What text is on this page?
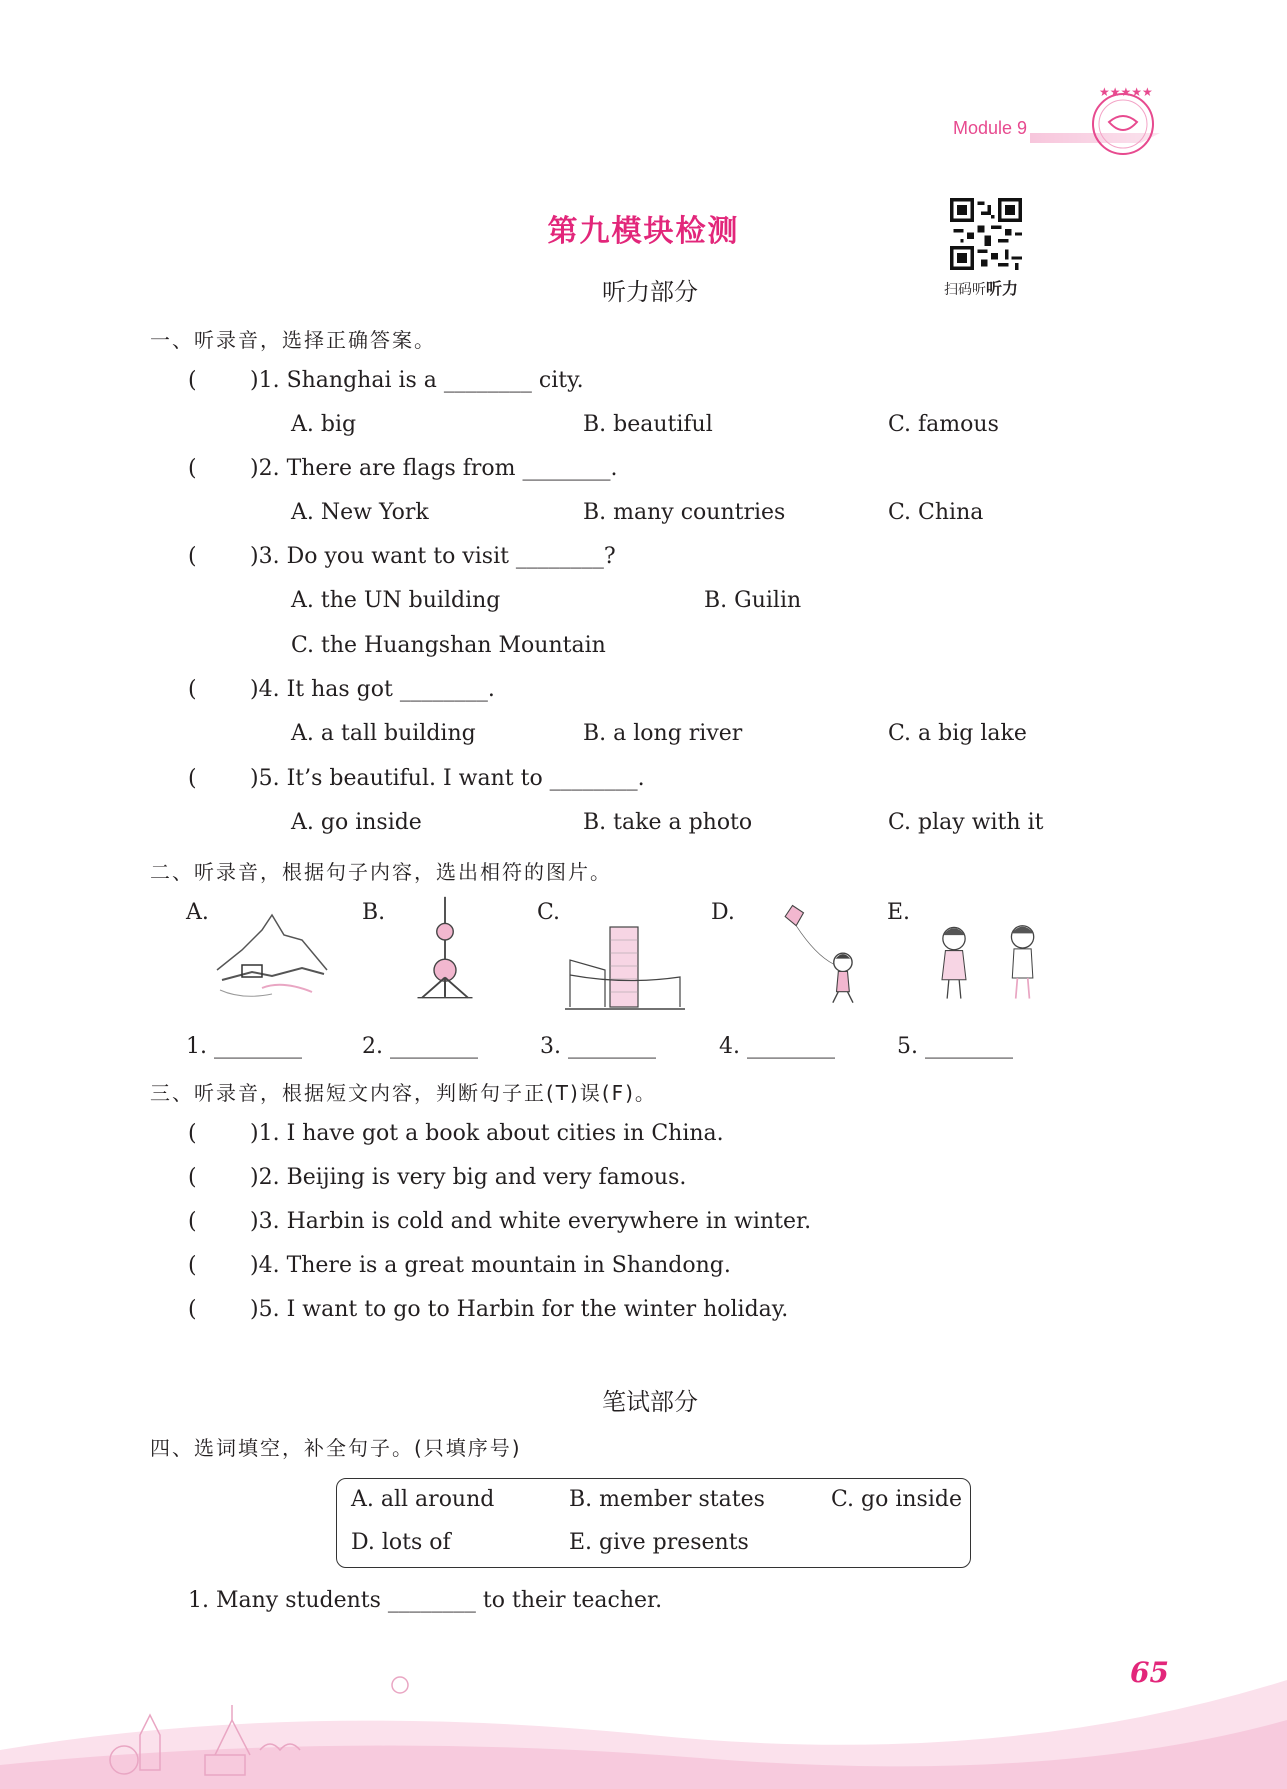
Module 9
★★★★★
第九模块检测
扫码听听力
听力部分
一、听录音，选择正确答案。
( )1. Shanghai is a ________ city.
A. big	B. beautiful	C. famous
( )2. There are flags from ________.
A. New York	B. many countries	C. China
( )3. Do you want to visit ________?
A. the UN building	B. Guilin
C. the Huangshan Mountain
( )4. It has got ________.
A. a tall building	B. a long river	C. a big lake
( )5. It’s beautiful. I want to ________.
A. go inside	B. take a photo	C. play with it
二、听录音，根据句子内容，选出相符的图片。
A.	B.	C.	D.	E.
1. ________	2. ________	3. ________	4. ________	5. ________
三、听录音，根据短文内容，判断句子正(T)误(F)。
( )1. I have got a book about cities in China.
( )2. Beijing is very big and very famous.
( )3. Harbin is cold and white everywhere in winter.
( )4. There is a great mountain in Shandong.
( )5. I want to go to Harbin for the winter holiday.
笔试部分
四、选词填空，补全句子。(只填序号)
A. all around	B. member states	C. go inside
D. lots of	E. give presents
1. Many students ________ to their teacher.
65
